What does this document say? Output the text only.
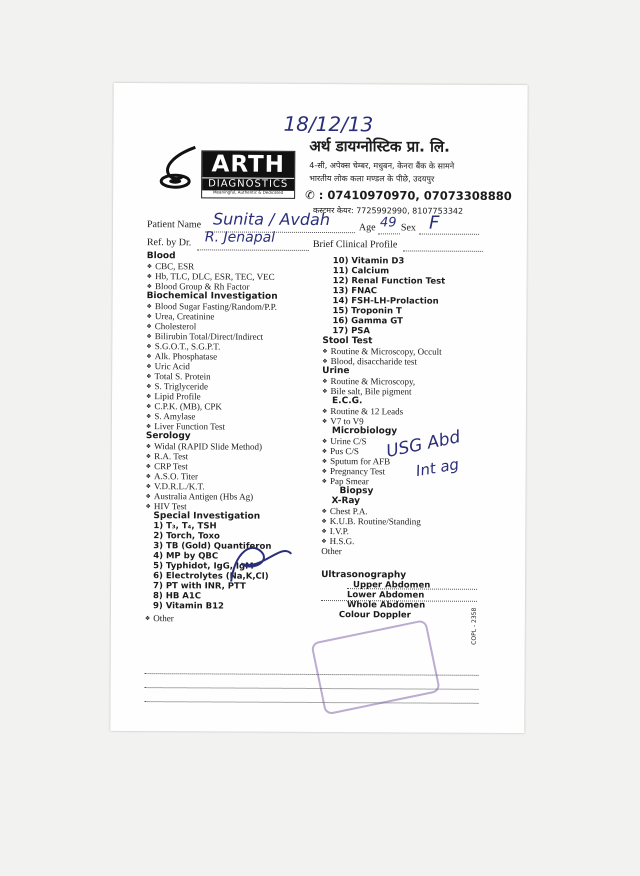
18/12/13
ARTH
DIAGNOSTICS
Meaningful, Authentic & Dedicated
अर्थ डायग्नोस्टिक प्रा. लि.
4-सी, अपेक्स चेम्बर, मधुबन, केनरा बैंक के सामने
भारतीय लोक कला मण्डल के पीछे, उदयपुर
✆ : 07410970970, 07073308880
कस्टमर केयर: 7725992990, 8107753342
Patient Name Sunita / Avdah	Age 49 Sex F
Ref. by Dr. R. Jenapal	Brief Clinical Profile
Blood
❖ CBC, ESR
❖ Hb, TLC, DLC, ESR, TEC, VEC
❖ Blood Group & Rh Factor
Biochemical Investigation
❖ Blood Sugar Fasting/Random/P.P.
❖ Urea, Creatinine
❖ Cholesterol
❖ Bilirubin Total/Direct/Indirect
❖ S.G.O.T., S.G.P.T.
❖ Alk. Phosphatase
❖ Uric Acid
❖ Total S. Protein
❖ S. Triglyceride
❖ Lipid Profile
❖ C.P.K. (MB), CPK
❖ S. Amylase
❖ Liver Function Test
Serology
❖ Widal (RAPID Slide Method)
❖ R.A. Test
❖ CRP Test
❖ A.S.O. Titer
❖ V.D.R.L./K.T.
❖ Australia Antigen (Hbs Ag)
❖ HIV Test
Special Investigation
1) T₃, T₄, TSH
2) Torch, Toxo
3) TB (Gold) Quantiferon
4) MP by QBC
5) Typhidot, IgG, IgM
6) Electrolytes (Na,K,Cl)
7) PT with INR, PTT
8) HB A1C
9) Vitamin B12
❖ Other
10) Vitamin D3
11) Calcium
12) Renal Function Test
13) FNAC
14) FSH-LH-Prolaction
15) Troponin T
16) Gamma GT
17) PSA
Stool Test
❖ Routine & Microscopy, Occult
❖ Blood, disaccharide test
Urine
❖ Routine & Microscopy,
❖ Bile salt, Bile pigment
E.C.G.
❖ Routine & 12 Leads
❖ V7 to V9
Microbiology
❖ Urine C/S
❖ Pus C/S
❖ Sputum for AFB
❖ Pregnancy Test
❖ Pap Smear
Biopsy
X-Ray
❖ Chest P.A.
❖ K.U.B. Routine/Standing
❖ I.V.P.
❖ H.S.G.
Other
Ultrasonography
Upper Abdomen
Lower Abdomen
Whole Abdomen
Colour Doppler
USG Abd
Int ag
COPL - 2358
